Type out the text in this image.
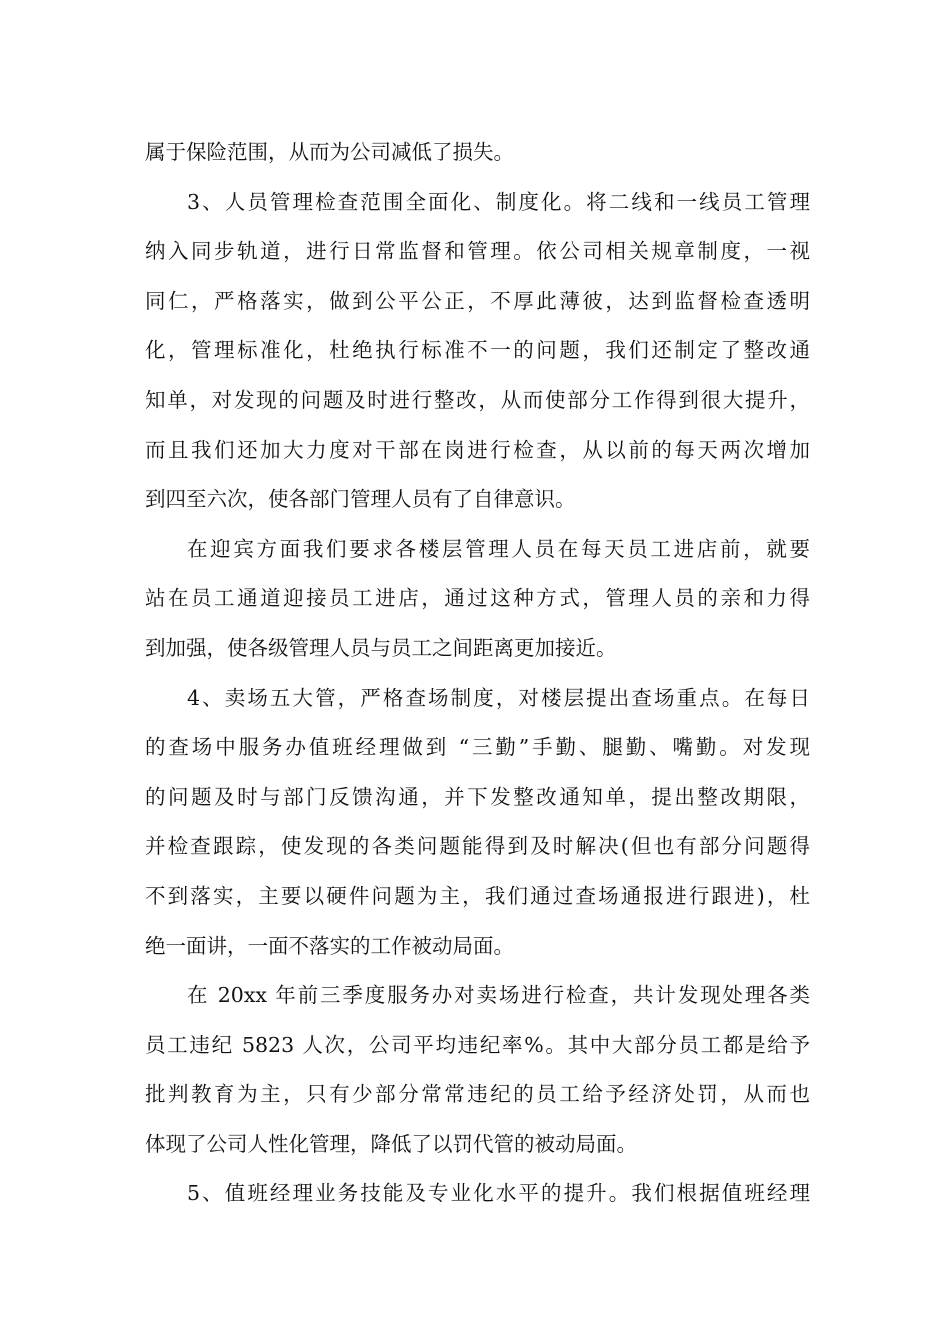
属于保险范围，从而为公司减低了损失。
3、人员管理检查范围全面化、制度化。将二线和一线员工管理
纳入同步轨道，进行日常监督和管理。依公司相关规章制度，一视
同仁，严格落实，做到公平公正，不厚此薄彼，达到监督检查透明
化，管理标准化，杜绝执行标准不一的问题，我们还制定了整改通
知单，对发现的问题及时进行整改，从而使部分工作得到很大提升，
而且我们还加大力度对干部在岗进行检查，从以前的每天两次增加
到四至六次，使各部门管理人员有了自律意识。
在迎宾方面我们要求各楼层管理人员在每天员工进店前，就要
站在员工通道迎接员工进店，通过这种方式，管理人员的亲和力得
到加强，使各级管理人员与员工之间距离更加接近。
4、卖场五大管，严格查场制度，对楼层提出查场重点。在每日
的查场中服务办值班经理做到 “三勤”手勤、腿勤、嘴勤。对发现
的问题及时与部门反馈沟通，并下发整改通知单，提出整改期限，
并检查跟踪，使发现的各类问题能得到及时解决(但也有部分问题得
不到落实，主要以硬件问题为主，我们通过查场通报进行跟进)，杜
绝一面讲，一面不落实的工作被动局面。
在 20xx 年前三季度服务办对卖场进行检查，共计发现处理各类
员工违纪 5823 人次，公司平均违纪率%。其中大部分员工都是给予
批判教育为主，只有少部分常常违纪的员工给予经济处罚，从而也
体现了公司人性化管理，降低了以罚代管的被动局面。
5、值班经理业务技能及专业化水平的提升。我们根据值班经理
